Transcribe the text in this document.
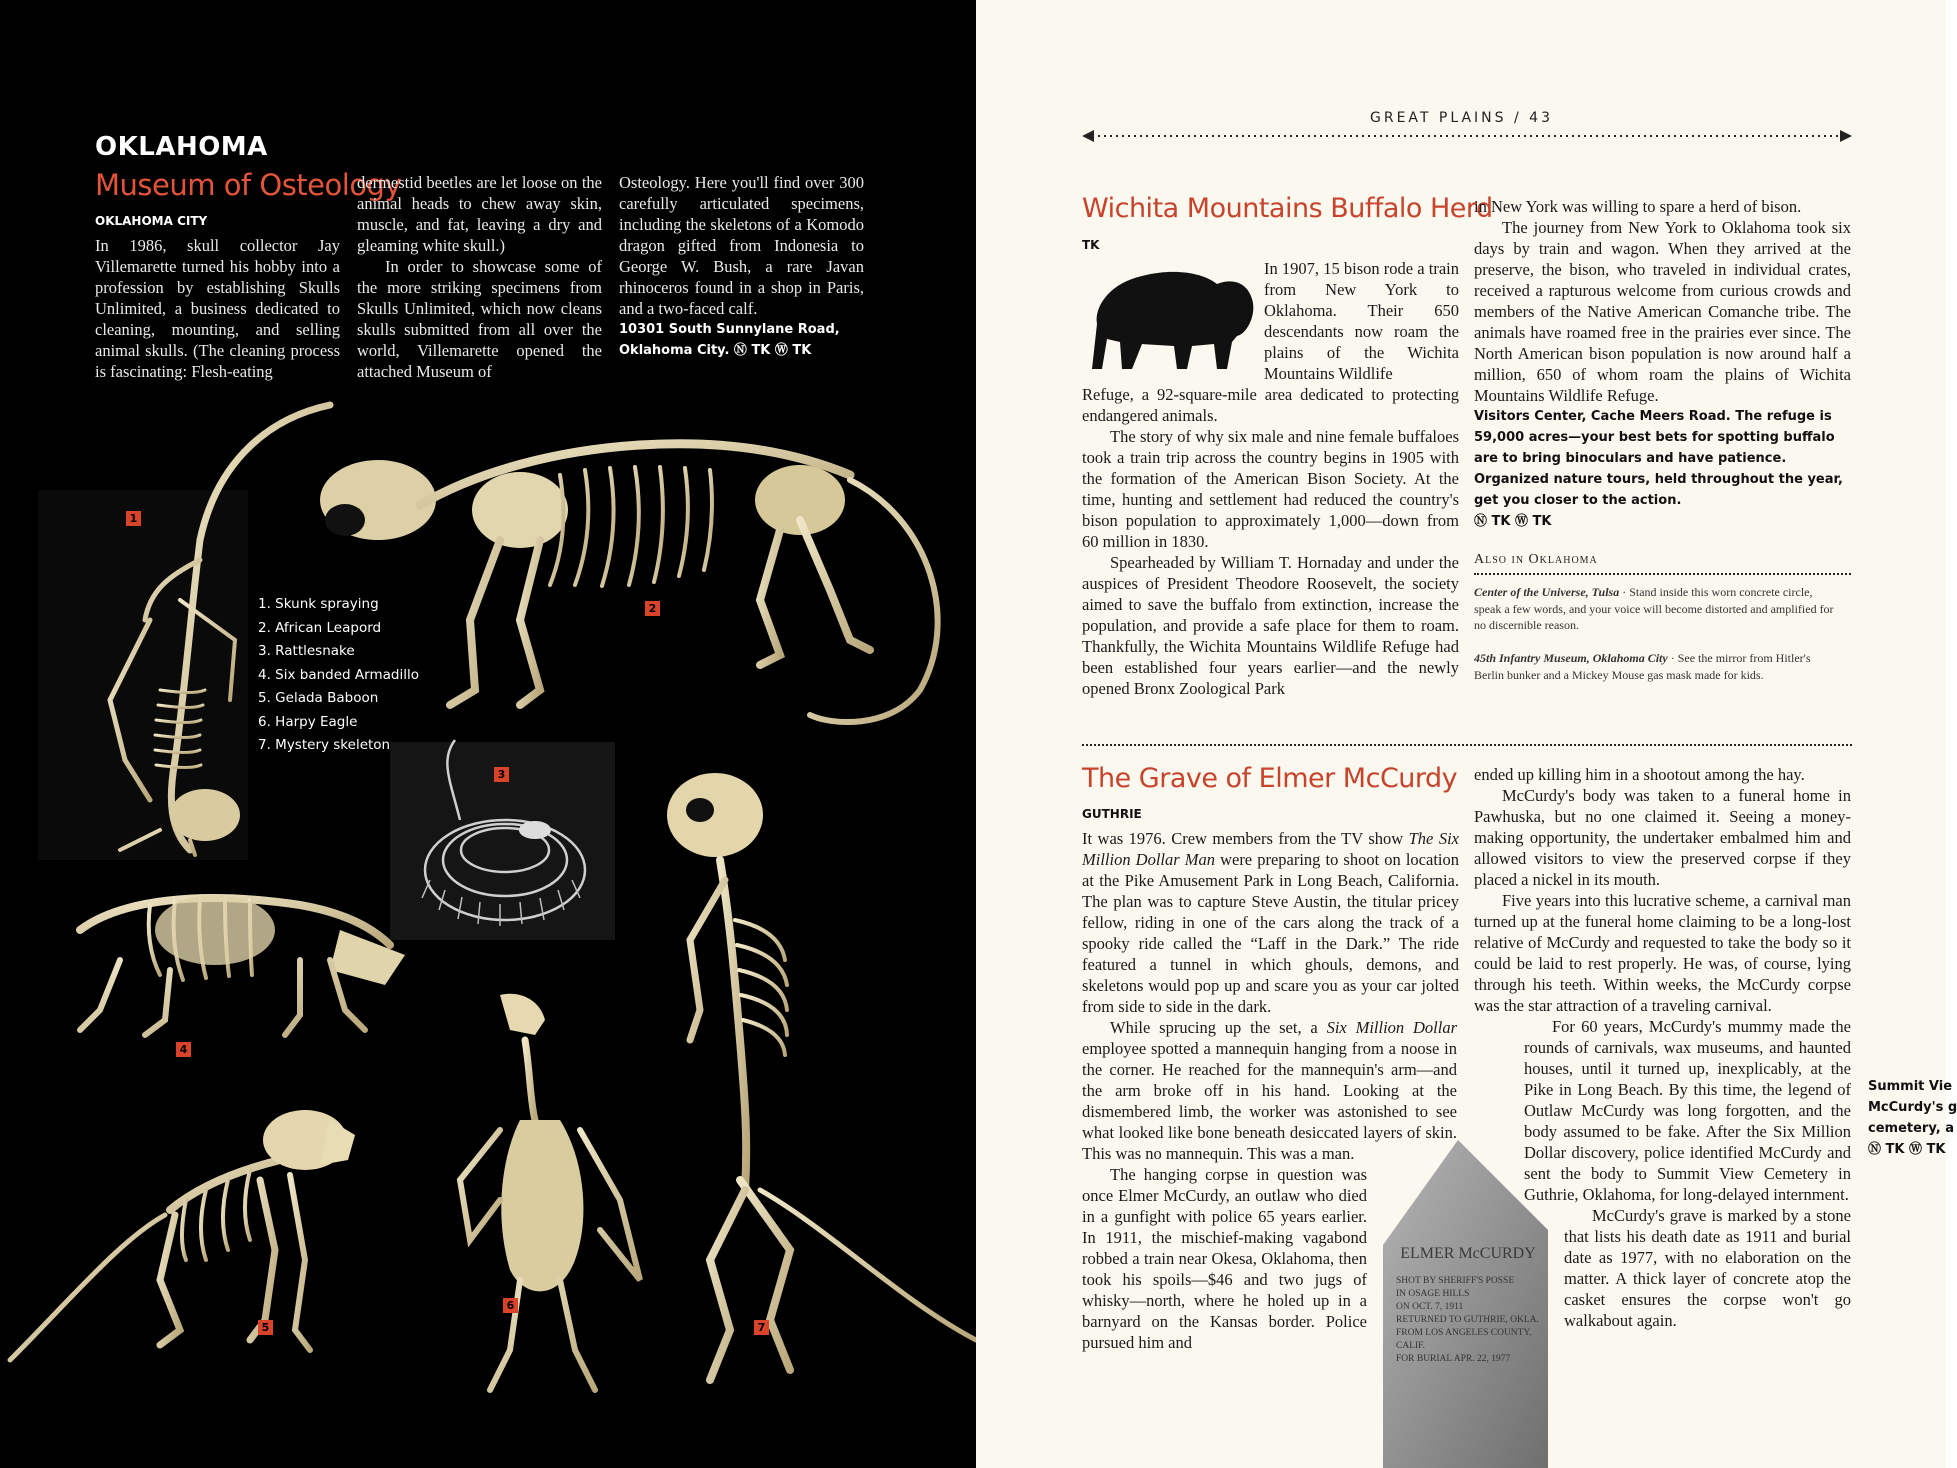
OKLAHOMA
Museum of Osteology
OKLAHOMA CITY

In 1986, skull collector Jay Villemarette turned his hobby into a profession by establishing Skulls Unlimited, a business dedicated to cleaning, mounting, and selling animal skulls. (The cleaning process is fascinating: Flesh-eating

dermestid beetles are let loose on the animal heads to chew away skin, muscle, and fat, leaving a dry and gleaming white skull.)

In order to showcase some of the more striking specimens from Skulls Unlimited, which now cleans skulls submitted from all over the world, Villemarette opened the attached Museum of

Osteology. Here you'll find over 300 carefully articulated specimens, including the skeletons of a Komodo dragon gifted from Indonesia to George W. Bush, a rare Javan rhinoceros found in a shop in Paris, and a two-faced calf.

10301 South Sunnylane Road,
Oklahoma City. Ⓝ TK Ⓦ TK
1. Skunk spraying
2. African Leapord
3. Rattlesnake
4. Six banded Armadillo
5. Gelada Baboon
6. Harpy Eagle
7. Mystery skeleton
1
2
3
4
5
6
7
GREAT PLAINS / 43
Wichita Mountains Buffalo Herd
TK

In 1907, 15 bison rode a train from New York to Oklahoma. Their 650 descendants now roam the plains of the Wichita Mountains Wildlife

Refuge, a 92-square-mile area dedicated to protecting endangered animals.

The story of why six male and nine female buffaloes took a train trip across the country begins in 1905 with the formation of the American Bison Society. At the time, hunting and settlement had reduced the country's bison population to approximately 1,000—down from 60 million in 1830.

Spearheaded by William T. Hornaday and under the auspices of President Theodore Roosevelt, the society aimed to save the buffalo from extinction, increase the population, and provide a safe place for them to roam. Thankfully, the Wichita Mountains Wildlife Refuge had been established four years earlier—and the newly opened Bronx Zoological Park

in New York was willing to spare a herd of bison.

The journey from New York to Oklahoma took six days by train and wagon. When they arrived at the preserve, the bison, who traveled in individual crates, received a rapturous welcome from curious crowds and members of the Native American Comanche tribe. The animals have roamed free in the prairies ever since. The North American bison population is now around half a million, 650 of whom roam the plains of Wichita Mountains Wildlife Refuge.

Visitors Center, Cache Meers Road. The refuge is 59,000 acres—your best bets for spotting buffalo are to bring binoculars and have patience. Organized nature tours, held throughout the year, get you closer to the action.
Ⓝ TK Ⓦ TK
Also in Oklahoma
Center of the Universe, Tulsa · Stand inside this worn concrete circle, speak a few words, and your voice will become distorted and amplified for no discernible reason.
45th Infantry Museum, Oklahoma City · See the mirror from Hitler's Berlin bunker and a Mickey Mouse gas mask made for kids.
The Grave of Elmer McCurdy
GUTHRIE

It was 1976. Crew members from the TV show The Six Million Dollar Man were preparing to shoot on location at the Pike Amusement Park in Long Beach, California. The plan was to capture Steve Austin, the titular pricey fellow, riding in one of the cars along the track of a spooky ride called the “Laff in the Dark.” The ride featured a tunnel in which ghouls, demons, and skeletons would pop up and scare you as your car jolted from side to side in the dark.

While sprucing up the set, a Six Million Dollar employee spotted a mannequin hanging from a noose in the corner. He reached for the mannequin's arm—and the arm broke off in his hand. Looking at the dismembered limb, the worker was astonished to see what looked like bone beneath desiccated layers of skin. This was no mannequin. This was a man.

The hanging corpse in question was once Elmer McCurdy, an outlaw who died in a gunfight with police 65 years earlier. In 1911, the mischief-making vagabond robbed a train near Okesa, Oklahoma, then took his spoils—$46 and two jugs of whisky—north, where he holed up in a barnyard on the Kansas border. Police pursued him and

ended up killing him in a shootout among the hay.

McCurdy's body was taken to a funeral home in Pawhuska, but no one claimed it. Seeing a money-making opportunity, the undertaker embalmed him and allowed visitors to view the preserved corpse if they placed a nickel in its mouth.

Five years into this lucrative scheme, a carnival man turned up at the funeral home claiming to be a long-lost relative of McCurdy and requested to take the body so it could be laid to rest properly. He was, of course, lying through his teeth. Within weeks, the McCurdy corpse was the star attraction of a traveling carnival.

For 60 years, McCurdy's mummy made the rounds of carnivals, wax museums, and haunted houses, until it turned up, inexplicably, at the Pike in Long Beach. By this time, the legend of Outlaw McCurdy was long forgotten, and the body assumed to be fake. After the Six Million Dollar discovery, police identified McCurdy and sent the body to Summit View Cemetery in Guthrie, Oklahoma, for long-delayed internment.

McCurdy's grave is marked by a stone that lists his death date as 1911 and burial date as 1977, with no elaboration on the matter. A thick layer of concrete atop the casket ensures the corpse won't go walkabout again.

ELMER McCURDY
SHOT BY SHERIFF'S POSSE
IN OSAGE HILLS
ON OCT. 7, 1911
RETURNED TO GUTHRIE, OKLA.
FROM LOS ANGELES COUNTY,
CALIF.
FOR BURIAL APR. 22, 1977
Summit Vie
McCurdy's g
cemetery, a
Ⓝ TK Ⓦ TK
